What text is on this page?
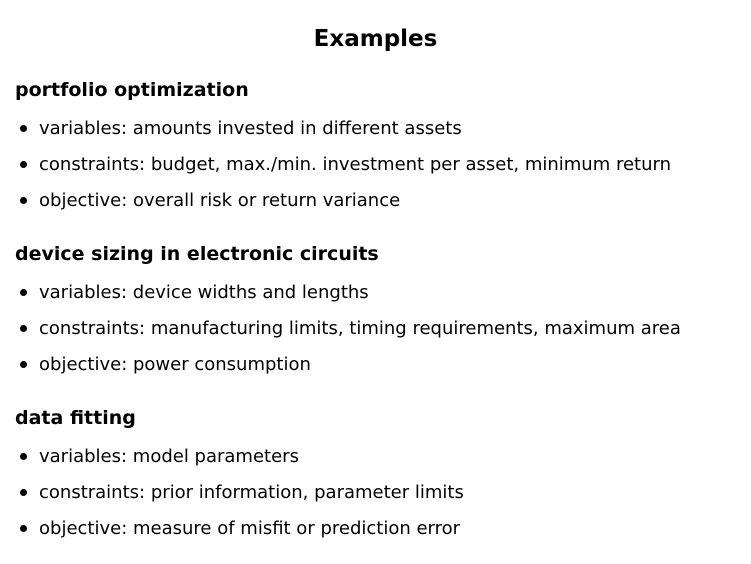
Examples
portfolio optimization
variables: amounts invested in different assets
constraints: budget, max./min. investment per asset, minimum return
objective: overall risk or return variance
device sizing in electronic circuits
variables: device widths and lengths
constraints: manufacturing limits, timing requirements, maximum area
objective: power consumption
data fitting
variables: model parameters
constraints: prior information, parameter limits
objective: measure of misfit or prediction error
